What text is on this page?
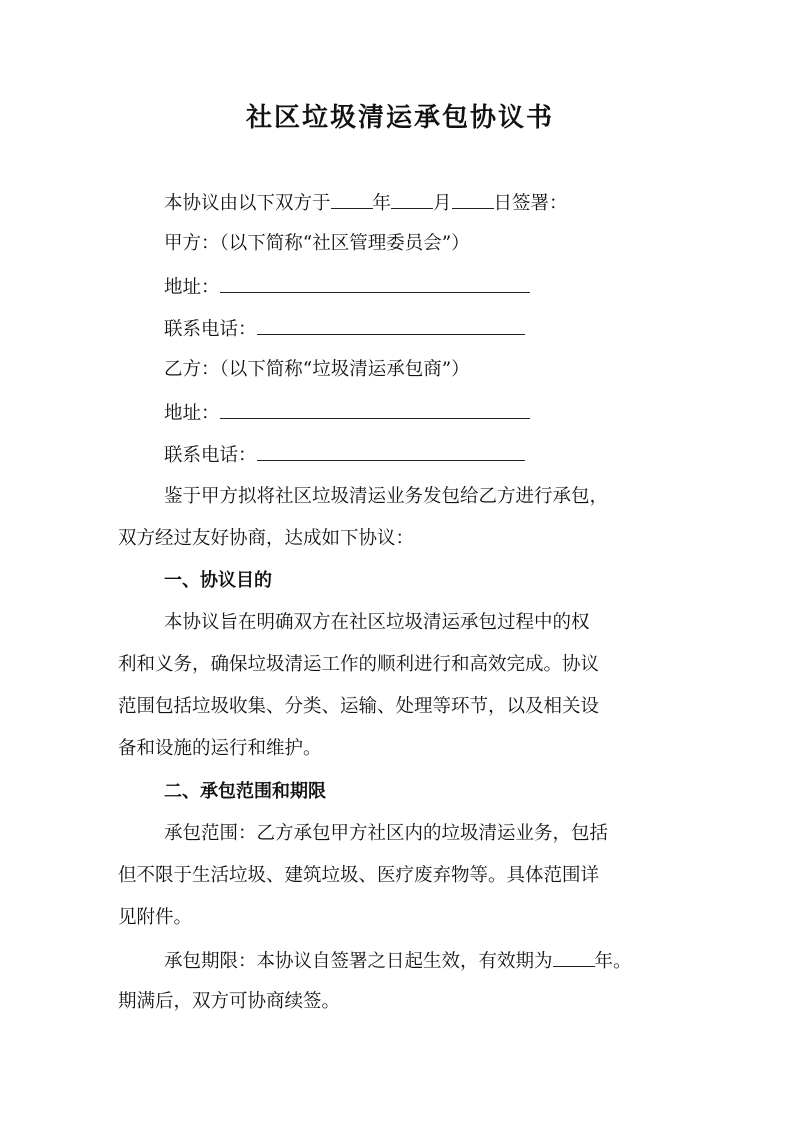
社区垃圾清运承包协议书
本协议由以下双方于 年 月 日签署：
甲方：（以下简称“社区管理委员会”）
地址：
联系电话：
乙方：（以下简称“垃圾清运承包商”）
地址：
联系电话：
鉴于甲方拟将社区垃圾清运业务发包给乙方进行承包，
双方经过友好协商，达成如下协议：
一、协议目的
本协议旨在明确双方在社区垃圾清运承包过程中的权
利和义务，确保垃圾清运工作的顺利进行和高效完成。协议
范围包括垃圾收集、分类、运输、处理等环节，以及相关设
备和设施的运行和维护。
二、承包范围和期限
承包范围：乙方承包甲方社区内的垃圾清运业务，包括
但不限于生活垃圾、建筑垃圾、医疗废弃物等。具体范围详
见附件。
承包期限：本协议自签署之日起生效，有效期为 年。
期满后，双方可协商续签。
